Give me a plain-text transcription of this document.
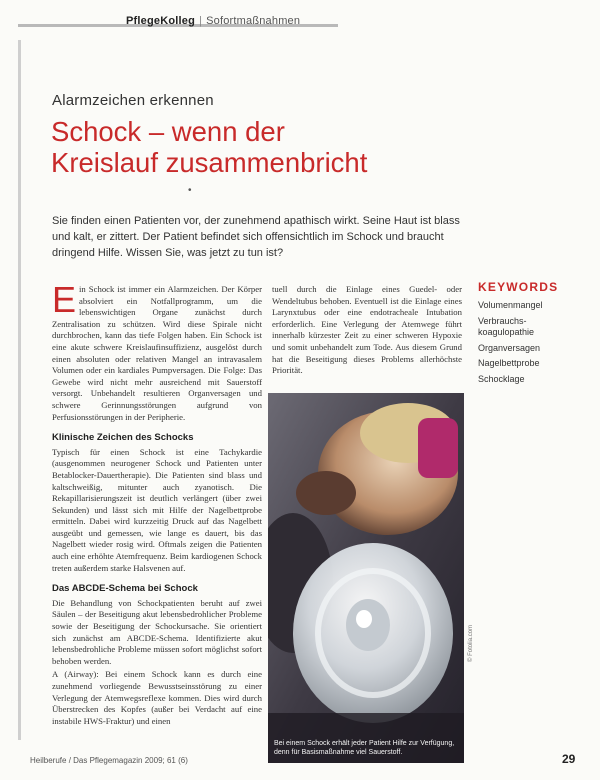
PflegeKolleg | Sofortmaßnahmen
Alarmzeichen erkennen
Schock – wenn der
Kreislauf zusammenbricht
•
Sie finden einen Patienten vor, der zunehmend apathisch wirkt. Seine Haut ist blass und kalt, er zittert. Der Patient befindet sich offensichtlich im Schock und braucht dringend Hilfe. Wissen Sie, was jetzt zu tun ist?
E in Schock ist immer ein Alarmzeichen. Der Körper absolviert ein Notfallprogramm, um die lebenswichtigen Organe zunächst durch Zentralisation zu schützen. Wird diese Spirale nicht durchbrochen, kann das tiefe Folgen haben. Ein Schock ist eine akute schwere Kreislaufinsuffizienz, ausgelöst durch einen absoluten oder relativen Mangel an intravasalem Volumen oder ein kardiales Pumpversagen. Die Folge: Das Gewebe wird nicht mehr ausreichend mit Sauerstoff versorgt. Unbehandelt resultieren Organversagen und schwere Gerinnungsstörungen aufgrund von Perfusionsstörungen in der Peripherie.
Klinische Zeichen des Schocks
Typisch für einen Schock ist eine Tachykardie (ausgenommen neurogener Schock und Patienten unter Betablocker-Dauertherapie). Die Patienten sind blass und kaltschweißig, mitunter auch zyanotisch. Die Rekapillarisierungszeit ist deutlich verlängert (über zwei Sekunden) und lässt sich mit Hilfe der Nagelbettprobe ermitteln. Dabei wird kurzzeitig Druck auf das Nagelbett ausgeübt und gemessen, wie lange es dauert, bis das Nagelbett wieder rosig wird. Oftmals zeigen die Patienten auch eine erhöhte Atemfrequenz. Beim kardiogenen Schock treten außerdem starke Halsvenen auf.
Das ABCDE-Schema bei Schock
Die Behandlung von Schockpatienten beruht auf zwei Säulen – der Beseitigung akut lebensbedrohlicher Probleme sowie der Beseitigung der Schockursache. Sie orientiert sich zunächst am ABCDE-Schema. Identifizierte akut lebensbedrohliche Probleme müssen sofort möglichst sofort behoben werden.
A (Airway): Bei einem Schock kann es durch eine zunehmend vorliegende Bewusstseinsstörung zu einer Verlegung der Atemwegsreflexe kommen. Dies wird durch Überstrecken des Kopfes (außer bei Verdacht auf eine instabile HWS-Fraktur) und einen
tuell durch die Einlage eines Guedel- oder Wendeltubus behoben. Eventuell ist die Einlage eines Larynxtubus oder eine endotracheale Intubation erforderlich. Eine Verlegung der Atemwege führt innerhalb kürzester Zeit zu einer schweren Hypoxie und somit unbehandelt zum Tode. Aus diesem Grund hat die Beseitigung dieses Problems allerhöchste Priorität.
KEYWORDS
Volumenmangel
Verbrauchs-koagulopathie
Organversagen
Nagelbettprobe
Schocklage
Bei einem Schock erhält jeder Patient Hilfe zur Verfügung, denn für Basismaßnahme viel Sauerstoff.
© Fotolia.com
Heilberufe / Das Pflegemagazin 2009; 61 (6)	29
